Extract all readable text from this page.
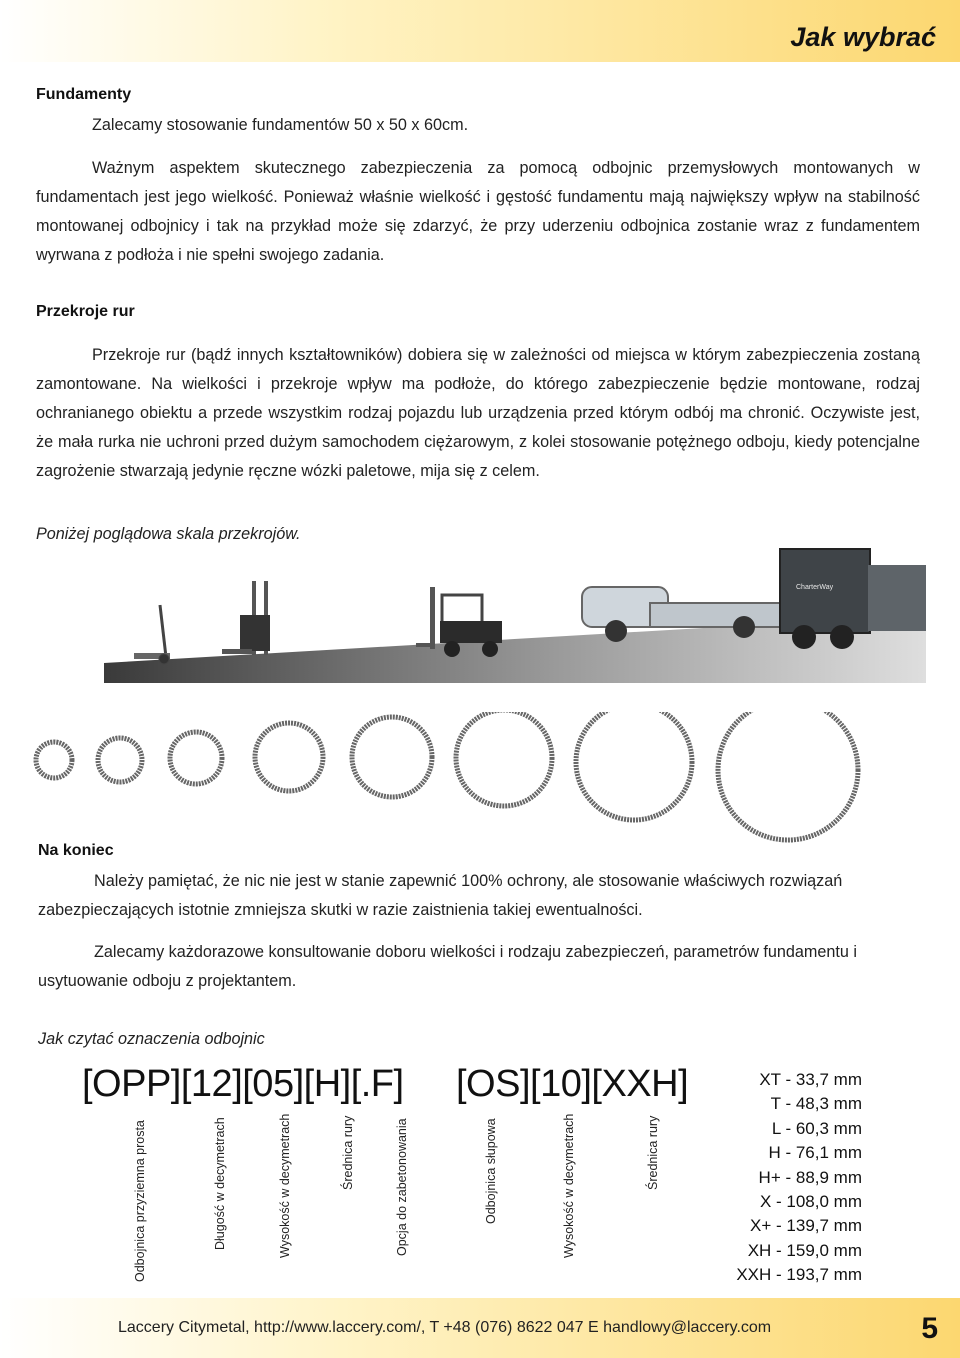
Jak wybrać
Fundamenty
Zalecamy stosowanie fundamentów 50 x 50 x 60cm.
Ważnym aspektem skutecznego zabezpieczenia za pomocą odbojnic przemysłowych montowanych w fundamentach jest jego wielkość. Ponieważ właśnie wielkość i gęstość fundamentu mają największy wpływ na stabilność montowanej odbojnicy i tak na przykład może się zdarzyć, że przy uderzeniu odbojnica zostanie wraz z fundamentem wyrwana z podłoża i nie spełni swojego zadania.
Przekroje rur
Przekroje rur (bądź innych kształtowników) dobiera się w zależności od miejsca w którym zabezpieczenia zostaną zamontowane. Na wielkości i przekroje wpływ ma podłoże, do którego zabezpieczenie będzie montowane, rodzaj ochranianego obiektu a przede wszystkim rodzaj pojazdu lub urządzenia przed którym odbój ma chronić. Oczywiste jest, że mała rurka nie uchroni przed dużym samochodem ciężarowym, z kolei stosowanie potężnego odboju, kiedy potencjalne zagrożenie stwarzają jedynie ręczne wózki paletowe, mija się z celem.
Poniżej poglądowa skala przekrojów.
CharterWay
Na koniec
Należy pamiętać, że nic nie jest w stanie zapewnić 100% ochrony, ale stosowanie właściwych rozwiązań zabezpieczających istotnie zmniejsza skutki w razie zaistnienia takiej ewentualności.
Zalecamy każdorazowe konsultowanie doboru wielkości i rodzaju zabezpieczeń, parametrów fundamentu i usytuowanie odboju z projektantem.
Jak czytać oznaczenia odbojnic
[OPP][12][05][H][.F] [OS][10][XXH]
Odbojnica przyziemna prosta	Długość w decymetrach	Wysokość w decymetrach	Średnica rury	Opcja do zabetonowania	Odbojnica słupowa	Wysokość w decymetrach	Średnica rury
XT - 33,7 mm
T - 48,3 mm
L - 60,3 mm
H - 76,1 mm
H+ - 88,9 mm
X - 108,0 mm
X+ - 139,7 mm
XH - 159,0 mm
XXH - 193,7 mm
Laccery Citymetal, http://www.laccery.com/, T +48 (076) 8622 047 E handlowy@laccery.com	5
